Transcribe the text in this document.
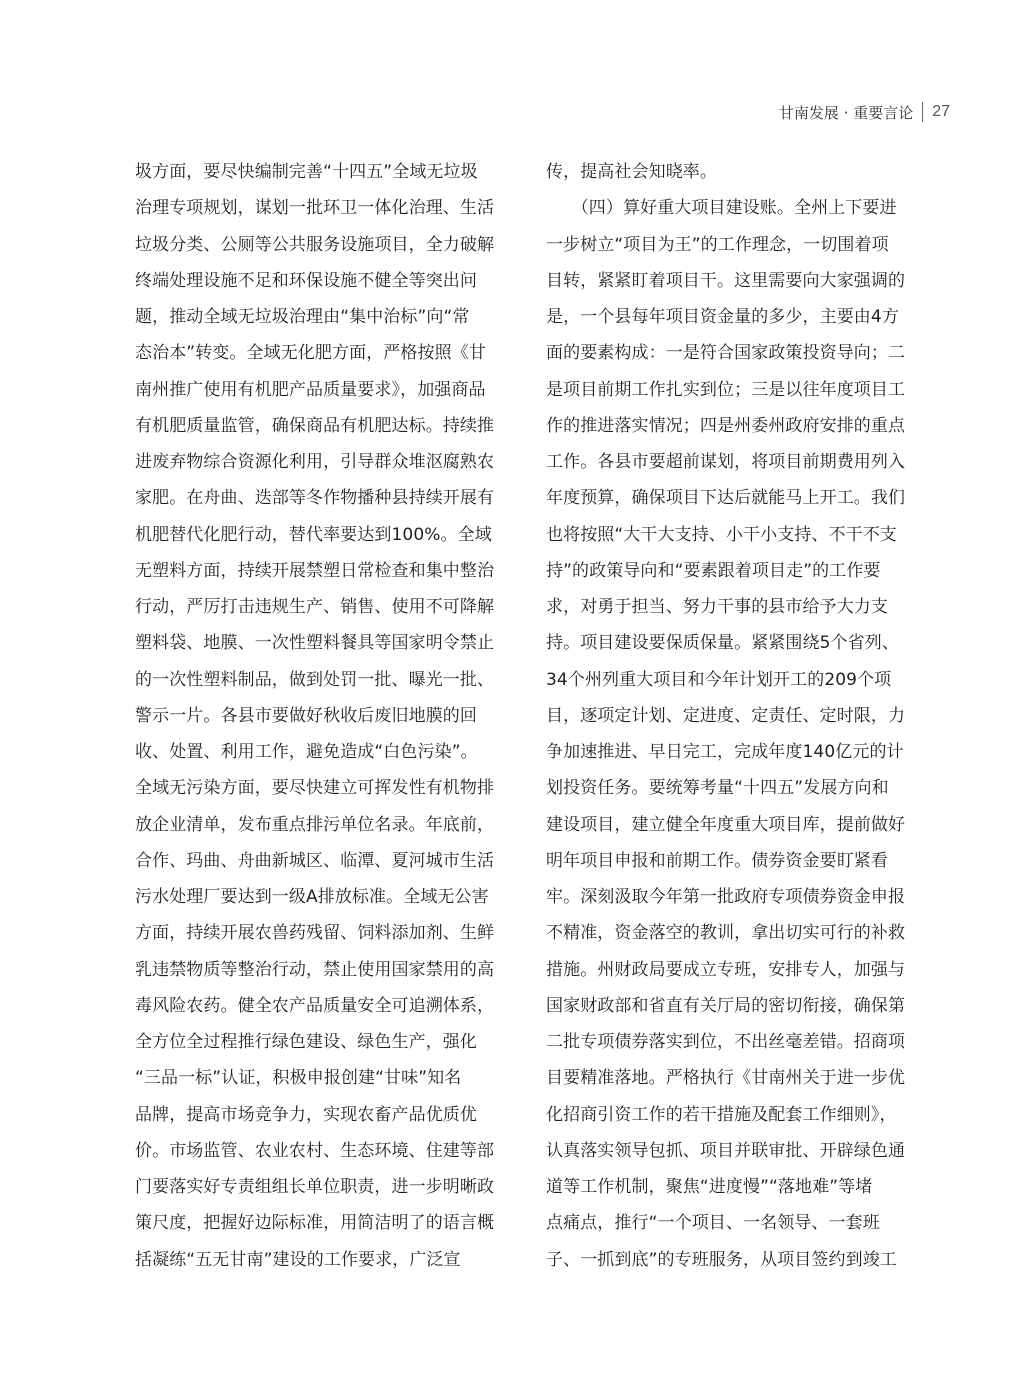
甘南发展 · 重要言论 27
圾方面，要尽快编制完善“十四五”全域无垃圾
治理专项规划，谋划一批环卫一体化治理、生活
垃圾分类、公厕等公共服务设施项目，全力破解
终端处理设施不足和环保设施不健全等突出问
题，推动全域无垃圾治理由“集中治标”向“常
态治本”转变。全域无化肥方面，严格按照《甘
南州推广使用有机肥产品质量要求》，加强商品
有机肥质量监管，确保商品有机肥达标。持续推
进废弃物综合资源化利用，引导群众堆沤腐熟农
家肥。在舟曲、迭部等冬作物播种县持续开展有
机肥替代化肥行动，替代率要达到100%。全域
无塑料方面，持续开展禁塑日常检查和集中整治
行动，严厉打击违规生产、销售、使用不可降解
塑料袋、地膜、一次性塑料餐具等国家明令禁止
的一次性塑料制品，做到处罚一批、曝光一批、
警示一片。各县市要做好秋收后废旧地膜的回
收、处置、利用工作，避免造成“白色污染”。
全域无污染方面，要尽快建立可挥发性有机物排
放企业清单，发布重点排污单位名录。年底前，
合作、玛曲、舟曲新城区、临潭、夏河城市生活
污水处理厂要达到一级A排放标准。全域无公害
方面，持续开展农兽药残留、饲料添加剂、生鲜
乳违禁物质等整治行动，禁止使用国家禁用的高
毒风险农药。健全农产品质量安全可追溯体系，
全方位全过程推行绿色建设、绿色生产，强化
“三品一标”认证，积极申报创建“甘味”知名
品牌，提高市场竞争力，实现农畜产品优质优
价。市场监管、农业农村、生态环境、住建等部
门要落实好专责组组长单位职责，进一步明晰政
策尺度，把握好边际标准，用简洁明了的语言概
括凝练“五无甘南”建设的工作要求，广泛宣
传，提高社会知晓率。
　　（四）算好重大项目建设账。全州上下要进
一步树立“项目为王”的工作理念，一切围着项
目转，紧紧盯着项目干。这里需要向大家强调的
是，一个县每年项目资金量的多少，主要由4方
面的要素构成：一是符合国家政策投资导向；二
是项目前期工作扎实到位；三是以往年度项目工
作的推进落实情况；四是州委州政府安排的重点
工作。各县市要超前谋划，将项目前期费用列入
年度预算，确保项目下达后就能马上开工。我们
也将按照“大干大支持、小干小支持、不干不支
持”的政策导向和“要素跟着项目走”的工作要
求，对勇于担当、努力干事的县市给予大力支
持。项目建设要保质保量。紧紧围绕5个省列、
34个州列重大项目和今年计划开工的209个项
目，逐项定计划、定进度、定责任、定时限，力
争加速推进、早日完工，完成年度140亿元的计
划投资任务。要统筹考量“十四五”发展方向和
建设项目，建立健全年度重大项目库，提前做好
明年项目申报和前期工作。债券资金要盯紧看
牢。深刻汲取今年第一批政府专项债券资金申报
不精准，资金落空的教训，拿出切实可行的补救
措施。州财政局要成立专班，安排专人，加强与
国家财政部和省直有关厅局的密切衔接，确保第
二批专项债券落实到位，不出丝毫差错。招商项
目要精准落地。严格执行《甘南州关于进一步优
化招商引资工作的若干措施及配套工作细则》，
认真落实领导包抓、项目并联审批、开辟绿色通
道等工作机制，聚焦“进度慢”“落地难”等堵
点痛点，推行“一个项目、一名领导、一套班
子、一抓到底”的专班服务，从项目签约到竣工
